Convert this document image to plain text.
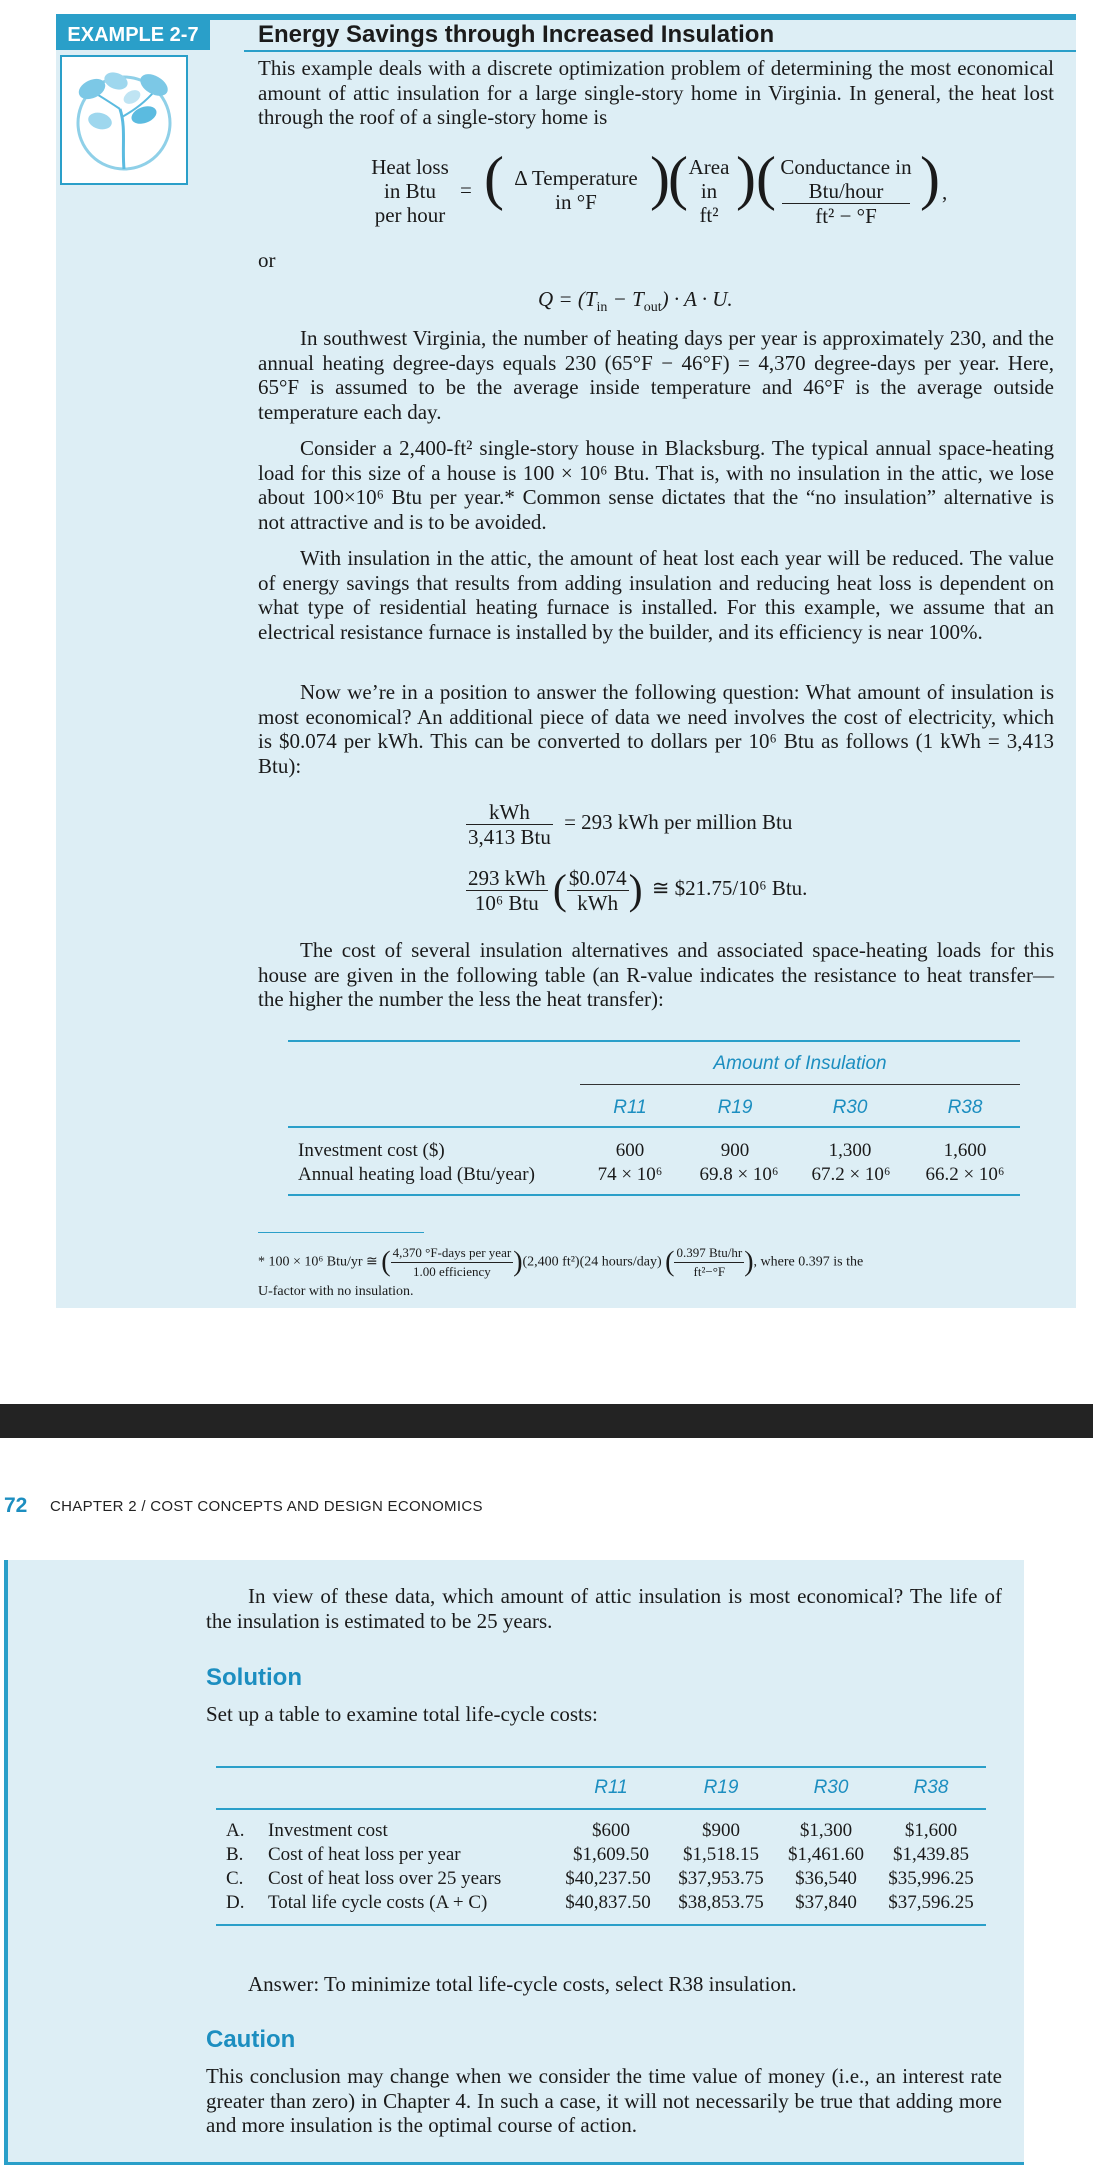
EXAMPLE 2-7	Energy Savings through Increased Insulation
This example deals with a discrete optimization problem of determining the most economical amount of attic insulation for a large single-story home in Virginia. In general, the heat lost through the roof of a single-story home is
Heat loss
in Btu
per hour
= ( Δ Temperature
in °F )
( Area
in
ft²
) ( Conductance in
Btu/hour
ft² − °F
) ,
or
$Q = (T_{in} - T_{out}) \cdot A \cdot U$.
In southwest Virginia, the number of heating days per year is approximately 230, and the annual heating degree-days equals 230 (65°F − 46°F) = 4,370 degree-days per year. Here, 65°F is assumed to be the average inside temperature and 46°F is the average outside temperature each day.
Consider a 2,400-ft² single-story house in Blacksburg. The typical annual space-heating load for this size of a house is 100 × 10⁶ Btu. That is, with no insulation in the attic, we lose about 100×10⁶ Btu per year.* Common sense dictates that the “no insulation” alternative is not attractive and is to be avoided.
With insulation in the attic, the amount of heat lost each year will be reduced. The value of energy savings that results from adding insulation and reducing heat loss is dependent on what type of residential heating furnace is installed. For this example, we assume that an electrical resistance furnace is installed by the builder, and its efficiency is near 100%.
Now we’re in a position to answer the following question: What amount of insulation is most economical? An additional piece of data we need involves the cost of electricity, which is $0.074 per kWh. This can be converted to dollars per 10⁶ Btu as follows (1 kWh = 3,413 Btu):
$\frac{\text{kWh}}{\text{3,413 Btu}} = 293$ kWh per million Btu
$\frac{\text{293 kWh}}{\text{10⁶ Btu}}$ ( $\frac{\$0.074}{\text{kWh}}$ ) ≅ $21.75/10⁶ Btu.
The cost of several insulation alternatives and associated space-heating loads for this house are given in the following table (an R-value indicates the resistance to heat transfer—the higher the number the less the heat transfer):
Amount of Insulation
R11	R19	R30	R38
Investment cost ($)	600	900	1,300	1,600
Annual heating load (Btu/year)	74 × 10⁶	69.8 × 10⁶	67.2 × 10⁶	66.2 × 10⁶
* 100 × 10⁶ Btu/yr ≅ ( $\frac{\text{4,370 °F-days per year}}{\text{1.00 efficiency}} )(2,400$ ft²)(24 hours/day) ( $\frac{\text{0.397 Btu/hr}}{\text{ft²−°F}}$ ), where 0.397 is the
U-factor with no insulation.
72 CHAPTER 2 / COST CONCEPTS AND DESIGN ECONOMICS
In view of these data, which amount of attic insulation is most economical? The life of the insulation is estimated to be 25 years.
Solution
Set up a table to examine total life-cycle costs:
R11	R19	R30	R38
A. Investment cost	$600	$900	$1,300	$1,600
B. Cost of heat loss per year	$1,609.50	$1,518.15	$1,461.60	$1,439.85
C. Cost of heat loss over 25 years	$40,237.50	$37,953.75	$36,540	$35,996.25
D. Total life cycle costs (A + C)	$40,837.50	$38,853.75	$37,840	$37,596.25
Answer: To minimize total life-cycle costs, select R38 insulation.
Caution
This conclusion may change when we consider the time value of money (i.e., an interest rate greater than zero) in Chapter 4. In such a case, it will not necessarily be true that adding more and more insulation is the optimal course of action.
